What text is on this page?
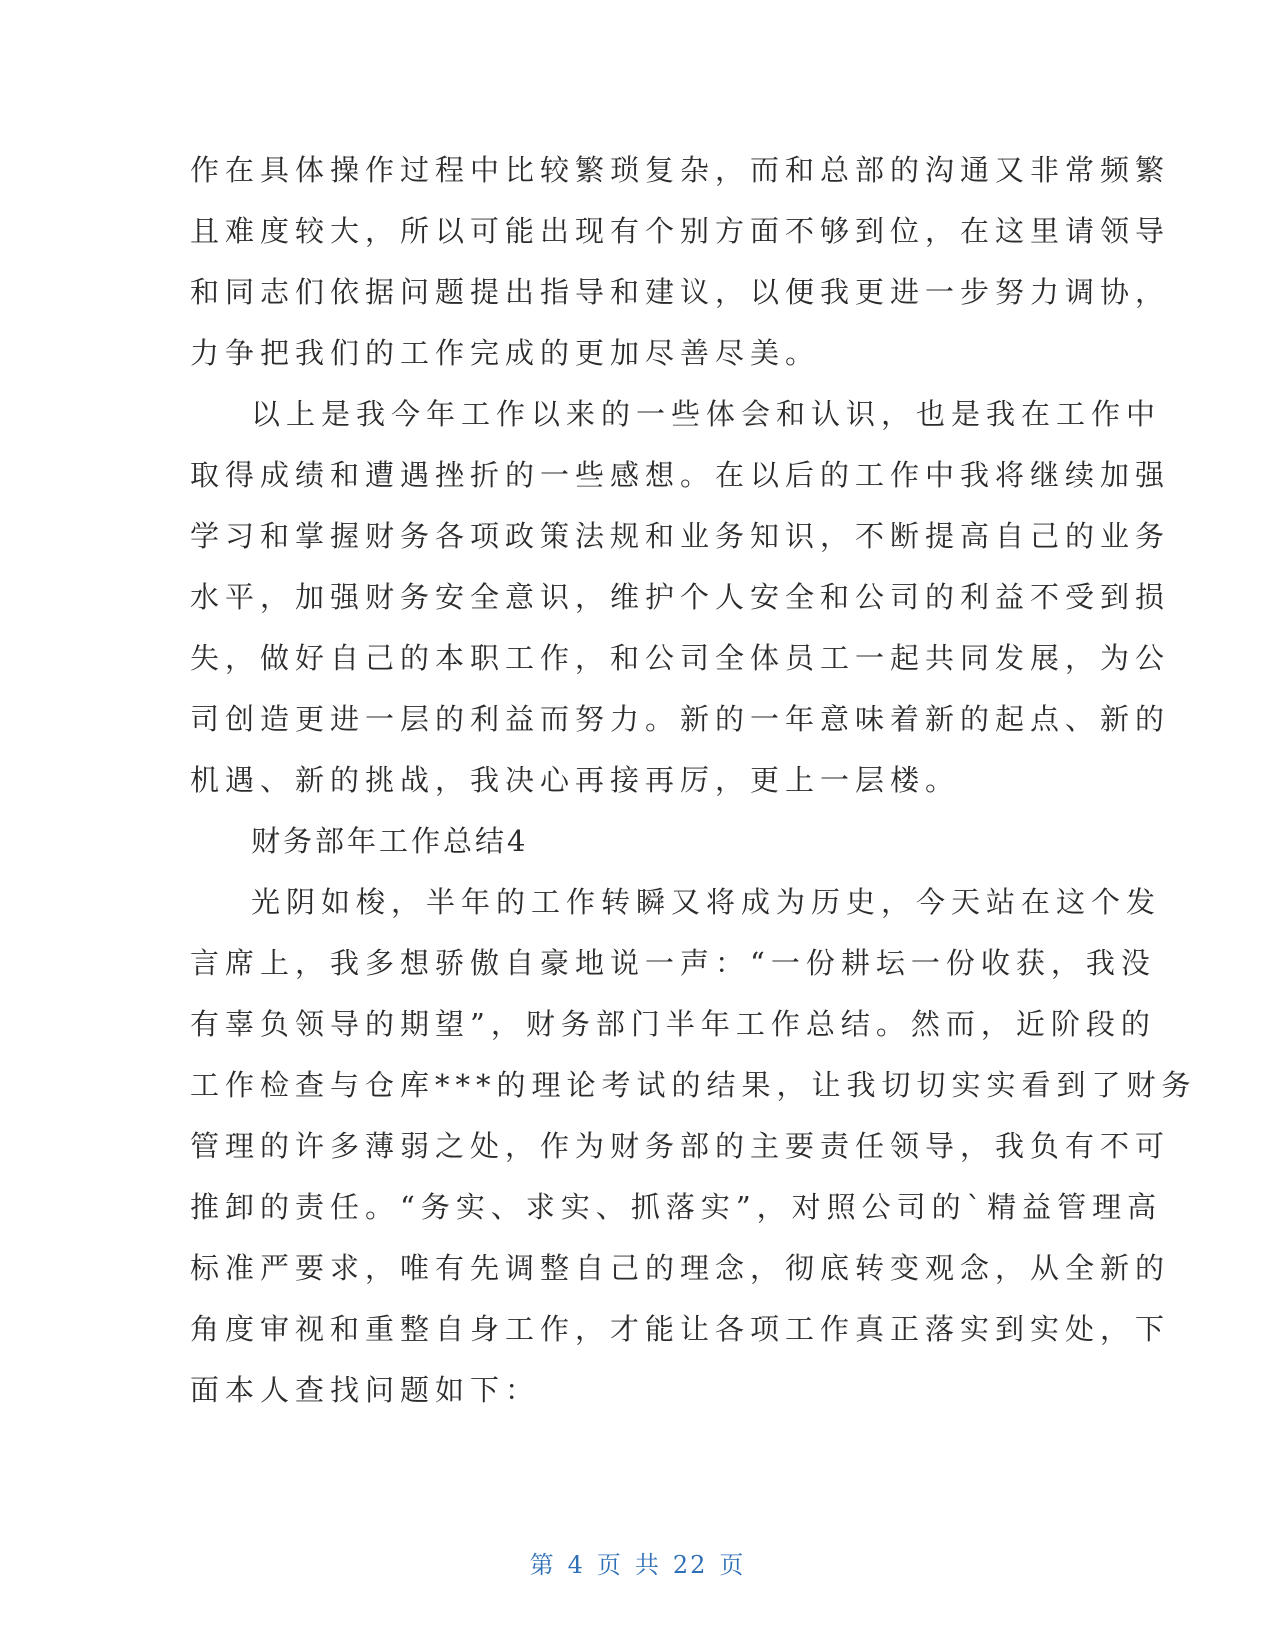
作在具体操作过程中比较繁琐复杂，而和总部的沟通又非常频繁
且难度较大，所以可能出现有个别方面不够到位，在这里请领导
和同志们依据问题提出指导和建议，以便我更进一步努力调协，
力争把我们的工作完成的更加尽善尽美。
以上是我今年工作以来的一些体会和认识，也是我在工作中
取得成绩和遭遇挫折的一些感想。在以后的工作中我将继续加强
学习和掌握财务各项政策法规和业务知识，不断提高自己的业务
水平，加强财务安全意识，维护个人安全和公司的利益不受到损
失，做好自己的本职工作，和公司全体员工一起共同发展，为公
司创造更进一层的利益而努力。新的一年意味着新的起点、新的
机遇、新的挑战，我决心再接再厉，更上一层楼。
财务部年工作总结4
光阴如梭，半年的工作转瞬又将成为历史，今天站在这个发
言席上，我多想骄傲自豪地说一声：“一份耕坛一份收获，我没
有辜负领导的期望”，财务部门半年工作总结。然而，近阶段的
工作检查与仓库***的理论考试的结果，让我切切实实看到了财务
管理的许多薄弱之处，作为财务部的主要责任领导，我负有不可
推卸的责任。“务实、求实、抓落实”，对照公司的`精益管理高
标准严要求，唯有先调整自己的理念，彻底转变观念，从全新的
角度审视和重整自身工作，才能让各项工作真正落实到实处，下
面本人查找问题如下：
第 4 页 共 22 页
